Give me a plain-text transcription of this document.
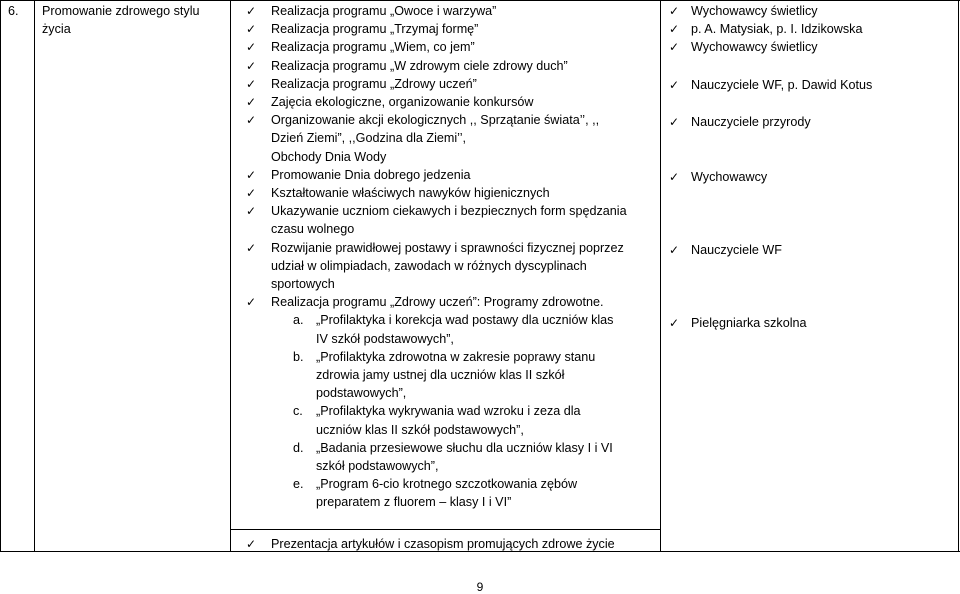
6. Promowanie zdrowego stylu
życia
✓ Realizacja programu „Owoce i warzywa”
✓ Realizacja programu „Trzymaj formę”
✓ Realizacja programu „Wiem, co jem”
✓ Realizacja programu „W zdrowym ciele zdrowy duch”
✓ Realizacja programu „Zdrowy uczeń”
✓ Zajęcia ekologiczne, organizowanie konkursów
✓ Organizowanie akcji ekologicznych ,, Sprzątanie świata’’, ,,
Dzień Ziemi”, ,,Godzina dla Ziemi’’,
Obchody Dnia Wody
✓ Promowanie Dnia dobrego jedzenia
✓ Kształtowanie właściwych nawyków higienicznych
✓ Ukazywanie uczniom ciekawych i bezpiecznych form spędzania
czasu wolnego
✓ Rozwijanie prawidłowej postawy i sprawności fizycznej poprzez
udział w olimpiadach, zawodach w różnych dyscyplinach
sportowych
✓ Realizacja programu „Zdrowy uczeń”: Programy zdrowotne.
a. „Profilaktyka i korekcja wad postawy dla uczniów klas
IV szkół podstawowych”,
b. „Profilaktyka zdrowotna w zakresie poprawy stanu
zdrowia jamy ustnej dla uczniów klas II szkół
podstawowych”,
c. „Profilaktyka wykrywania wad wzroku i zeza dla
uczniów klas II szkół podstawowych”,
d. „Badania przesiewowe słuchu dla uczniów klasy I i VI
szkół podstawowych”,
e. „Program 6-cio krotnego szczotkowania zębów
preparatem z fluorem – klasy I i VI”
✓ Wychowawcy świetlicy
✓ p. A. Matysiak, p. I. Idzikowska
✓ Wychowawcy świetlicy
✓ Nauczyciele WF, p. Dawid Kotus
✓ Nauczyciele przyrody
✓ Wychowawcy
✓ Nauczyciele WF
✓ Pielęgniarka szkolna
✓ Prezentacja artykułów i czasopism promujących zdrowe życie
9
